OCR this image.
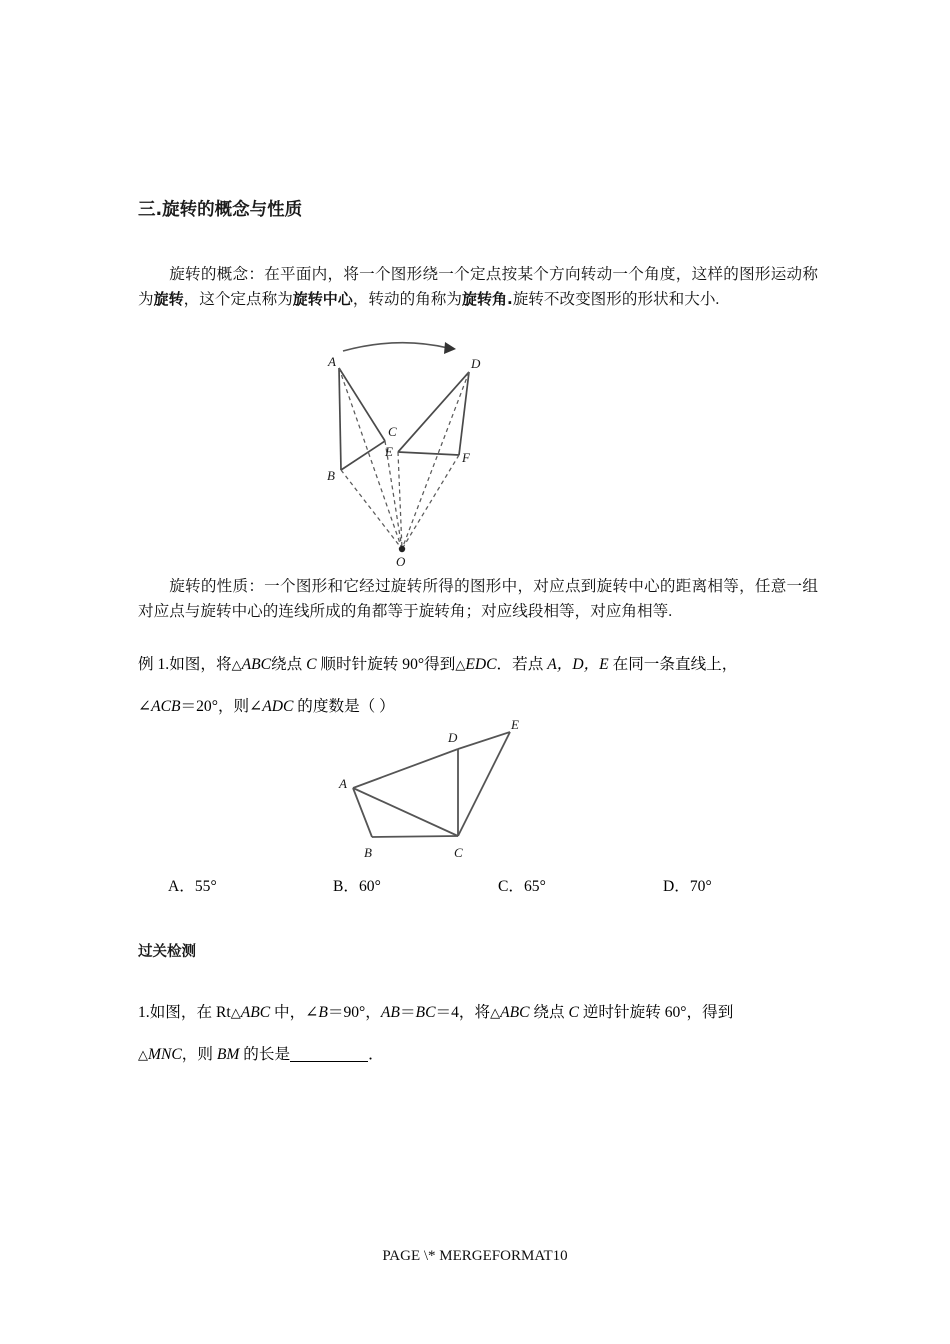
三.旋转的概念与性质

旋转的概念：在平面内，将一个图形绕一个定点按某个方向转动一个角度，这样的图形运动称为旋转，这个定点称为旋转中心，转动的角称为旋转角.旋转不改变图形的形状和大小.

A
B
C
D
E	F
O

旋转的性质：一个图形和它经过旋转所得的图形中，对应点到旋转中心的距离相等，任意一组对应点与旋转中心的连线所成的角都等于旋转角；对应线段相等，对应角相等.

例 1.如图，将 △ ABC绕点 C 顺时针旋转 90°得到 △ EDC．若点 A，D，E 在同一条直线上，
∠ACB＝20°，则∠ADC 的度数是（ ）
A
B	C
D
E
A．55°	B．60°	C．65°	D．70°
过关检测
1.如图，在 Rt △ ABC 中，∠B＝90°，AB＝BC＝4，将 △ ABC 绕点 C 逆时针旋转 60°，得到
△ MNC，则 BM 的长是	．
PAGE \* MERGEFORMAT10
